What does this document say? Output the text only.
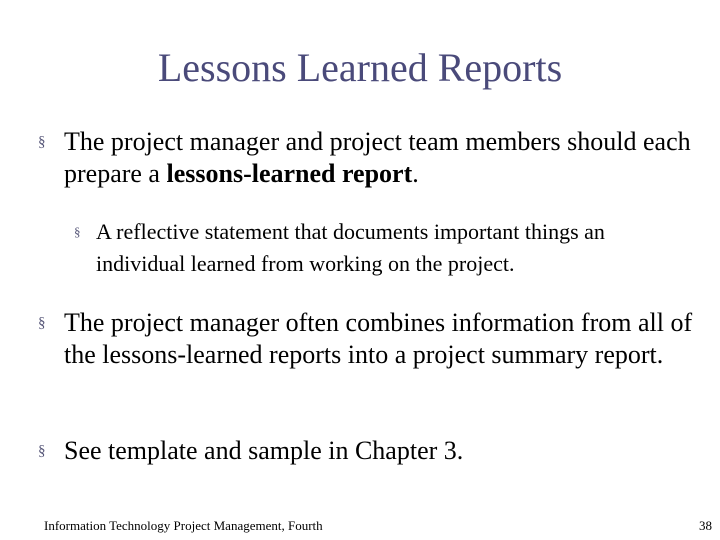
Lessons Learned Reports
§ The project manager and project team members should each prepare a lessons-learned report.
§ A reflective statement that documents important things an individual learned from working on the project.
§ The project manager often combines information from all of the lessons-learned reports into a project summary report.
§ See template and sample in Chapter 3.
Information Technology Project Management, Fourth	38
